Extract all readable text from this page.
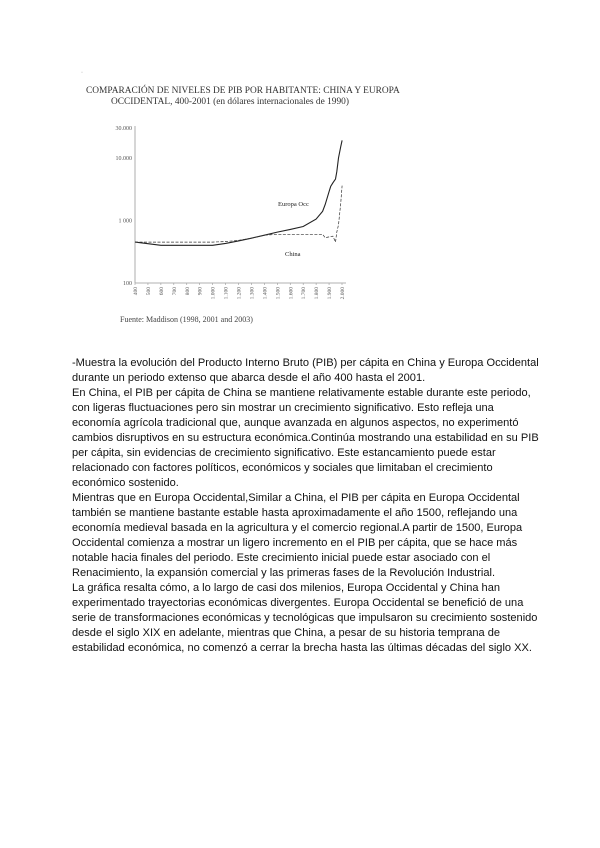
·
COMPARACIÓN DE NIVELES DE PIB POR HABITANTE: CHINA Y EUROPA
OCCIDENTAL, 400-2001 (en dólares internacionales de 1990)
30.000
10.000
1 000
100
400 500 600 700 800 900 1.000 1.100 1.200 1.300 1.400 1.500 1.600 1.700 1.800 1.900 2.000
Europa Occ
China
Fuente: Maddison (1998, 2001 and 2003)

-Muestra la evolución del Producto Interno Bruto (PIB) per cápita en China y Europa Occidental durante un periodo extenso que abarca desde el año 400 hasta el 2001.

En China, el PIB per cápita de China se mantiene relativamente estable durante este periodo, con ligeras fluctuaciones pero sin mostrar un crecimiento significativo. Esto refleja una economía agrícola tradicional que, aunque avanzada en algunos aspectos, no experimentó cambios disruptivos en su estructura económica.Continúa mostrando una estabilidad en su PIB per cápita, sin evidencias de crecimiento significativo. Este estancamiento puede estar relacionado con factores políticos, económicos y sociales que limitaban el crecimiento económico sostenido.

Mientras que en Europa Occidental,Similar a China, el PIB per cápita en Europa Occidental también se mantiene bastante estable hasta aproximadamente el año 1500, reflejando una economía medieval basada en la agricultura y el comercio regional.A partir de 1500, Europa Occidental comienza a mostrar un ligero incremento en el PIB per cápita, que se hace más notable hacia finales del periodo. Este crecimiento inicial puede estar asociado con el Renacimiento, la expansión comercial y las primeras fases de la Revolución Industrial.

La gráfica resalta cómo, a lo largo de casi dos milenios, Europa Occidental y China han experimentado trayectorias económicas divergentes. Europa Occidental se benefició de una serie de transformaciones económicas y tecnológicas que impulsaron su crecimiento sostenido desde el siglo XIX en adelante, mientras que China, a pesar de su historia temprana de estabilidad económica, no comenzó a cerrar la brecha hasta las últimas décadas del siglo XX.
